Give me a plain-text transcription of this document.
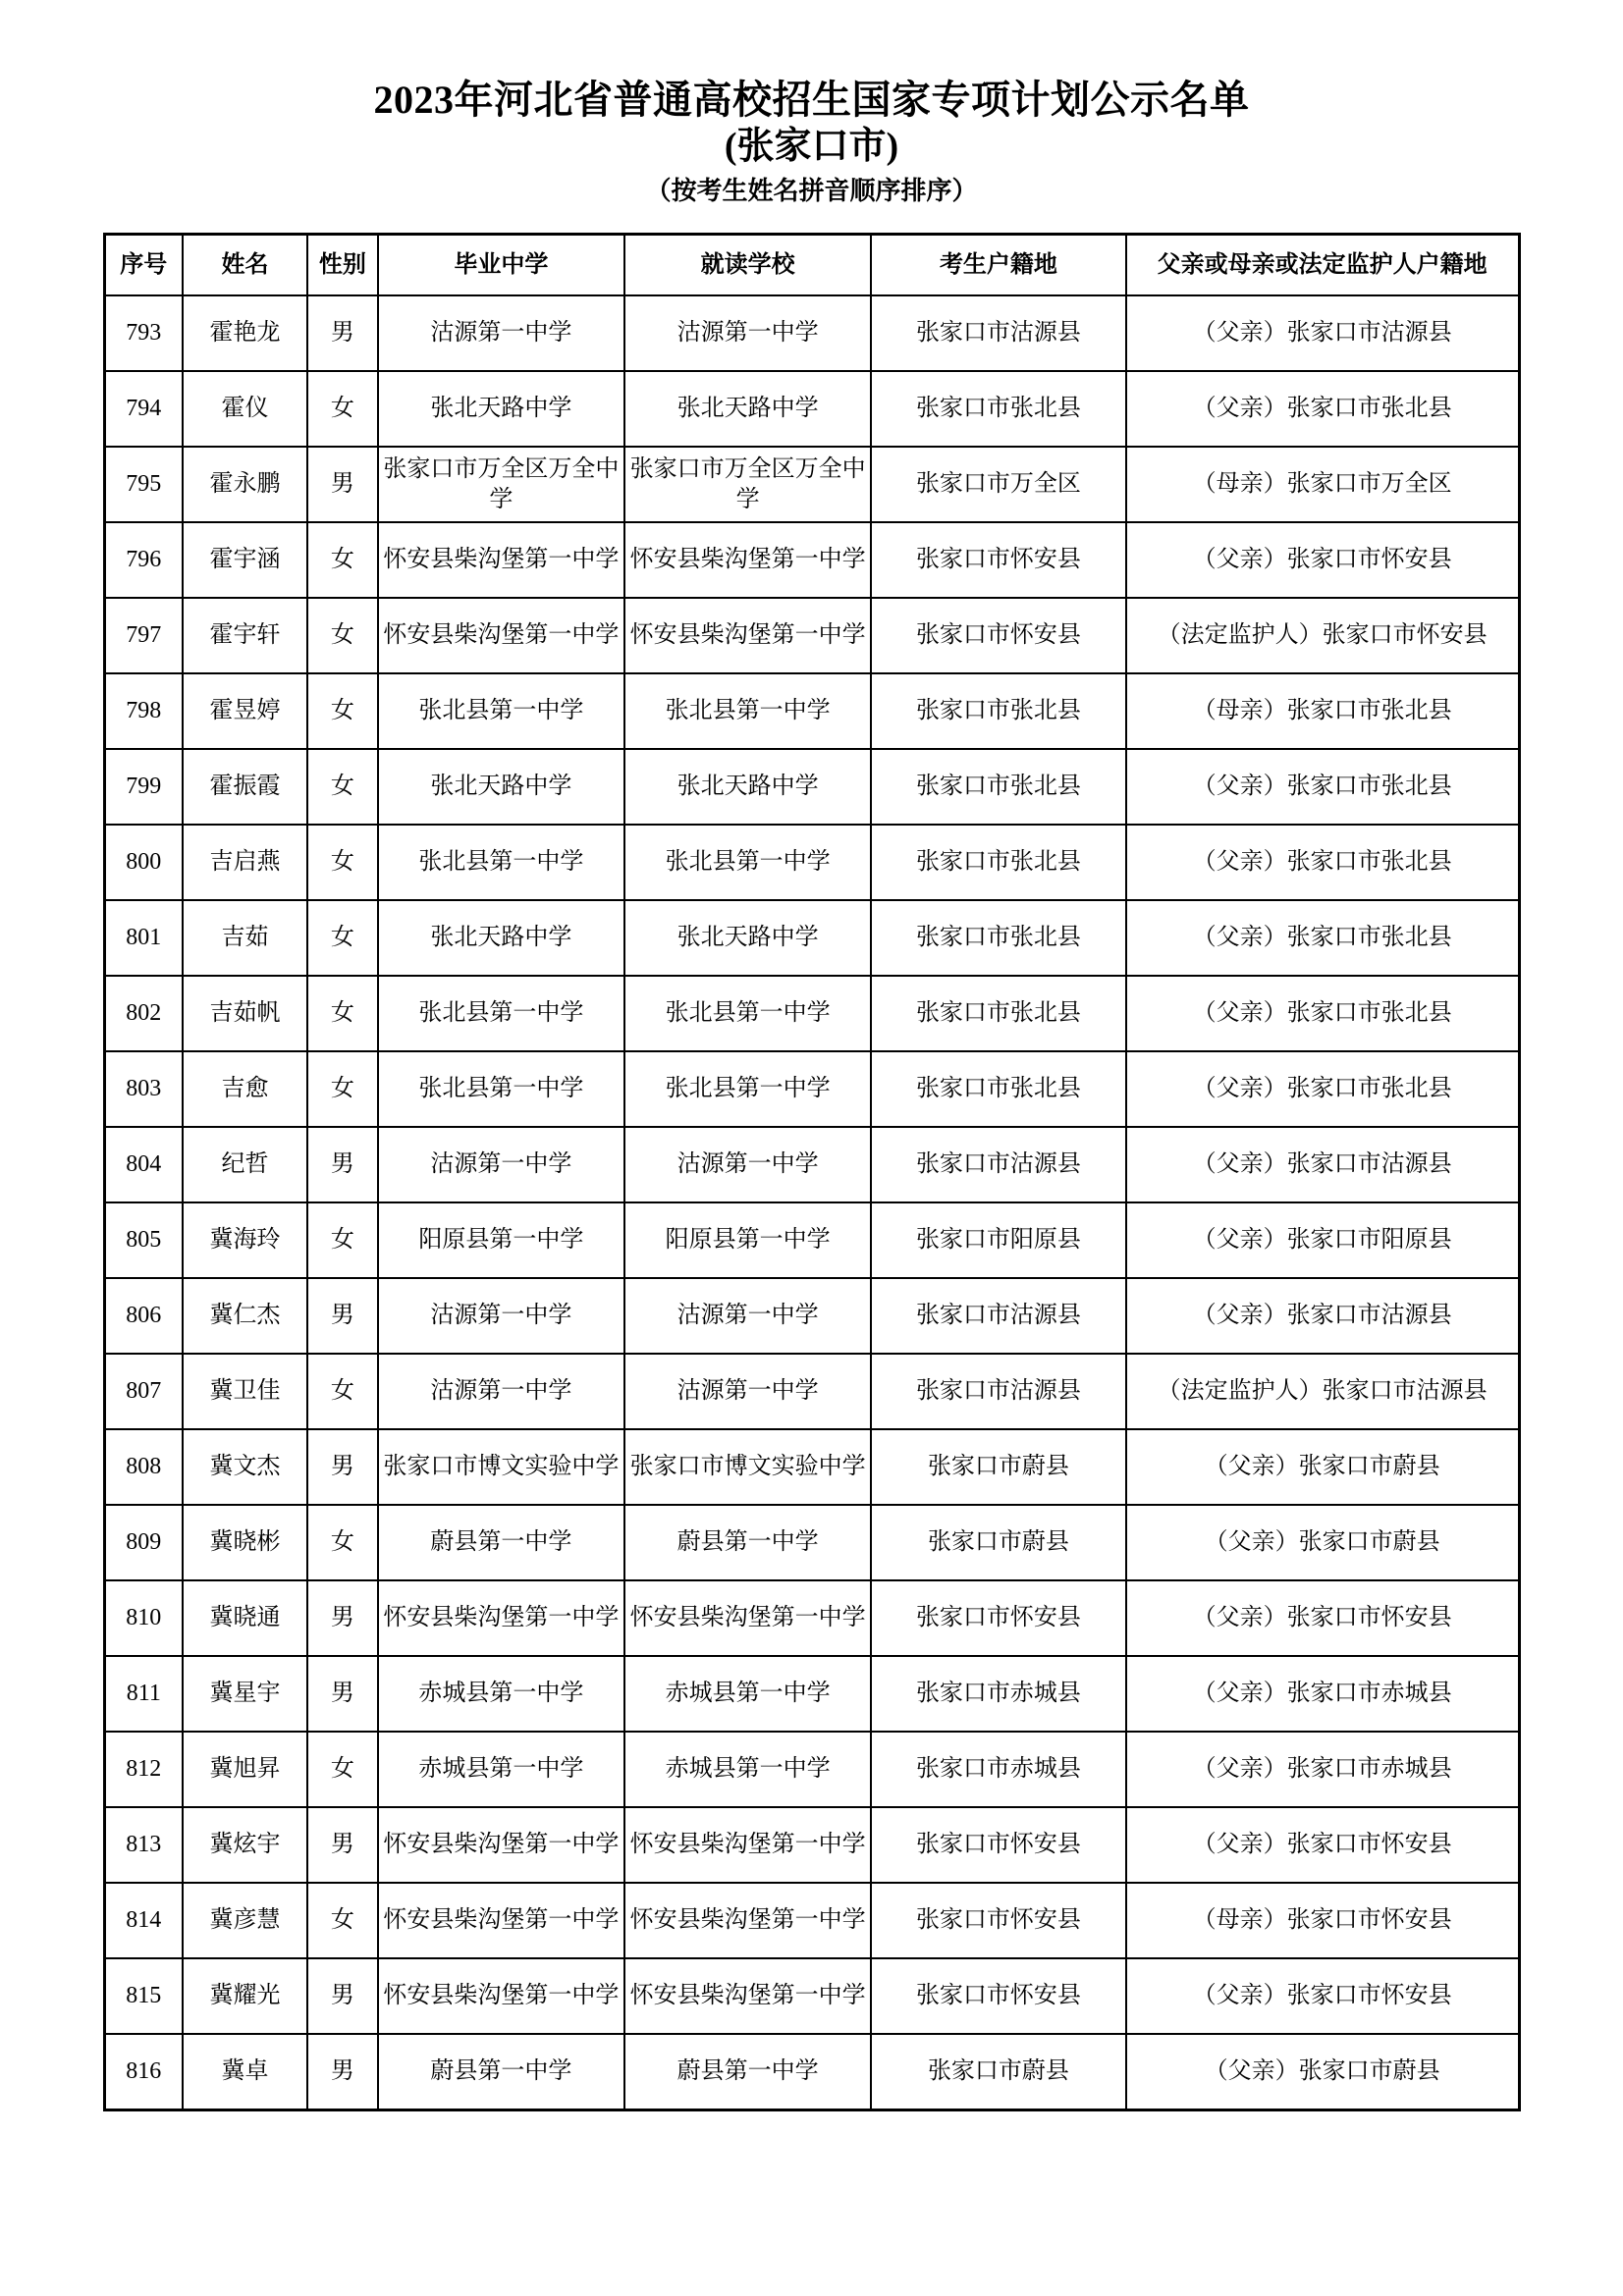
2023年河北省普通高校招生国家专项计划公示名单
(张家口市)
（按考生姓名拼音顺序排序）
序号	姓名	性别	毕业中学	就读学校	考生户籍地	父亲或母亲或法定监护人户籍地
793	霍艳龙	男	沽源第一中学	沽源第一中学	张家口市沽源县	（父亲）张家口市沽源县
794	霍仪	女	张北天路中学	张北天路中学	张家口市张北县	（父亲）张家口市张北县
795	霍永鹏	男	张家口市万全区万全中学	张家口市万全区万全中学	张家口市万全区	（母亲）张家口市万全区
796	霍宇涵	女	怀安县柴沟堡第一中学	怀安县柴沟堡第一中学	张家口市怀安县	（父亲）张家口市怀安县
797	霍宇轩	女	怀安县柴沟堡第一中学	怀安县柴沟堡第一中学	张家口市怀安县	（法定监护人）张家口市怀安县
798	霍昱婷	女	张北县第一中学	张北县第一中学	张家口市张北县	（母亲）张家口市张北县
799	霍振霞	女	张北天路中学	张北天路中学	张家口市张北县	（父亲）张家口市张北县
800	吉启燕	女	张北县第一中学	张北县第一中学	张家口市张北县	（父亲）张家口市张北县
801	吉茹	女	张北天路中学	张北天路中学	张家口市张北县	（父亲）张家口市张北县
802	吉茹帆	女	张北县第一中学	张北县第一中学	张家口市张北县	（父亲）张家口市张北县
803	吉愈	女	张北县第一中学	张北县第一中学	张家口市张北县	（父亲）张家口市张北县
804	纪哲	男	沽源第一中学	沽源第一中学	张家口市沽源县	（父亲）张家口市沽源县
805	冀海玲	女	阳原县第一中学	阳原县第一中学	张家口市阳原县	（父亲）张家口市阳原县
806	冀仁杰	男	沽源第一中学	沽源第一中学	张家口市沽源县	（父亲）张家口市沽源县
807	冀卫佳	女	沽源第一中学	沽源第一中学	张家口市沽源县	（法定监护人）张家口市沽源县
808	冀文杰	男	张家口市博文实验中学	张家口市博文实验中学	张家口市蔚县	（父亲）张家口市蔚县
809	冀晓彬	女	蔚县第一中学	蔚县第一中学	张家口市蔚县	（父亲）张家口市蔚县
810	冀晓通	男	怀安县柴沟堡第一中学	怀安县柴沟堡第一中学	张家口市怀安县	（父亲）张家口市怀安县
811	冀星宇	男	赤城县第一中学	赤城县第一中学	张家口市赤城县	（父亲）张家口市赤城县
812	冀旭昇	女	赤城县第一中学	赤城县第一中学	张家口市赤城县	（父亲）张家口市赤城县
813	冀炫宇	男	怀安县柴沟堡第一中学	怀安县柴沟堡第一中学	张家口市怀安县	（父亲）张家口市怀安县
814	冀彦慧	女	怀安县柴沟堡第一中学	怀安县柴沟堡第一中学	张家口市怀安县	（母亲）张家口市怀安县
815	冀耀光	男	怀安县柴沟堡第一中学	怀安县柴沟堡第一中学	张家口市怀安县	（父亲）张家口市怀安县
816	冀卓	男	蔚县第一中学	蔚县第一中学	张家口市蔚县	（父亲）张家口市蔚县
